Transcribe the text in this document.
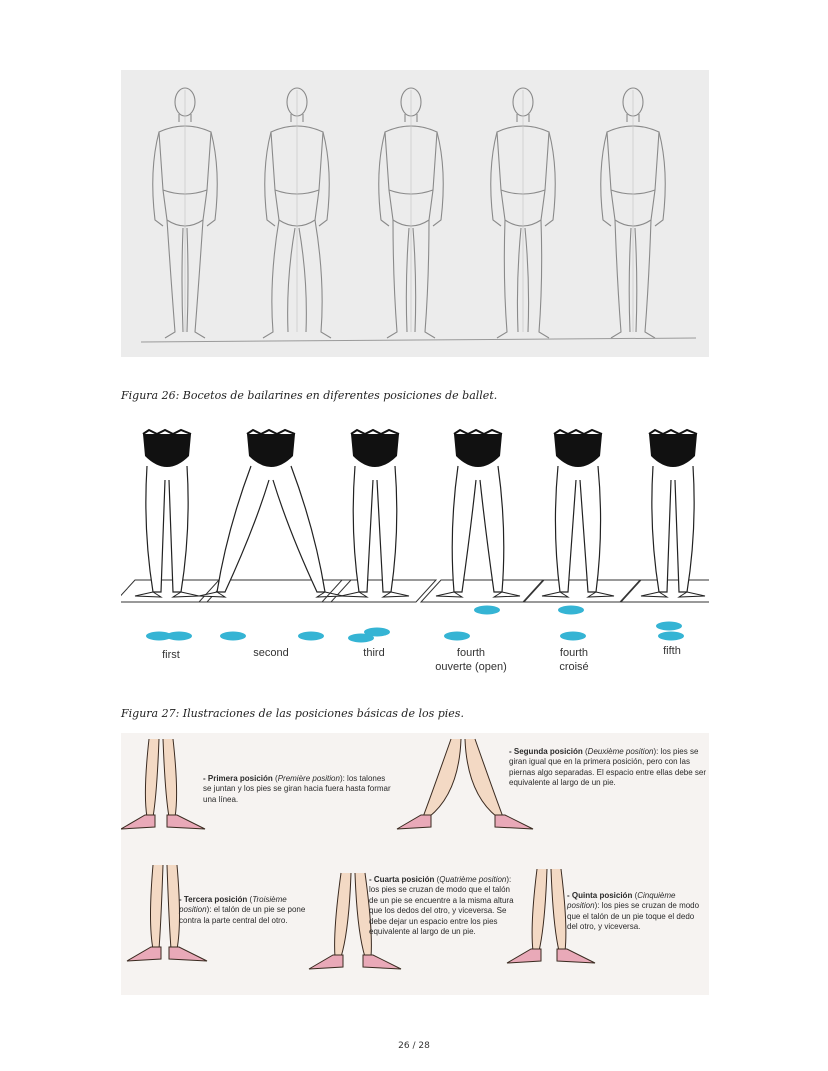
Figura 26: Bocetos de bailarines en diferentes posiciones de ballet.
first	second	third	fourth
ouverte (open)
fourth
croisé
fifth
Figura 27: Ilustraciones de las posiciones básicas de los pies.
- Primera posición (Première position): los talones se juntan y los pies se giran hacia fuera hasta formar una línea.
- Segunda posición (Deuxième position): los pies se giran igual que en la primera posición, pero con las piernas algo separadas. El espacio entre ellas debe ser equivalente al largo de un pie.
- Tercera posición (Troisième position): el talón de un pie se pone contra la parte central del otro.
- Cuarta posición (Quatrième position): los pies se cruzan de modo que el talón de un pie se encuentre a la misma altura que los dedos del otro, y viceversa. Se debe dejar un espacio entre los pies equivalente al largo de un pie.
- Quinta posición (Cinquième position): los pies se cruzan de modo que el talón de un pie toque el dedo del otro, y viceversa.
26 / 28
